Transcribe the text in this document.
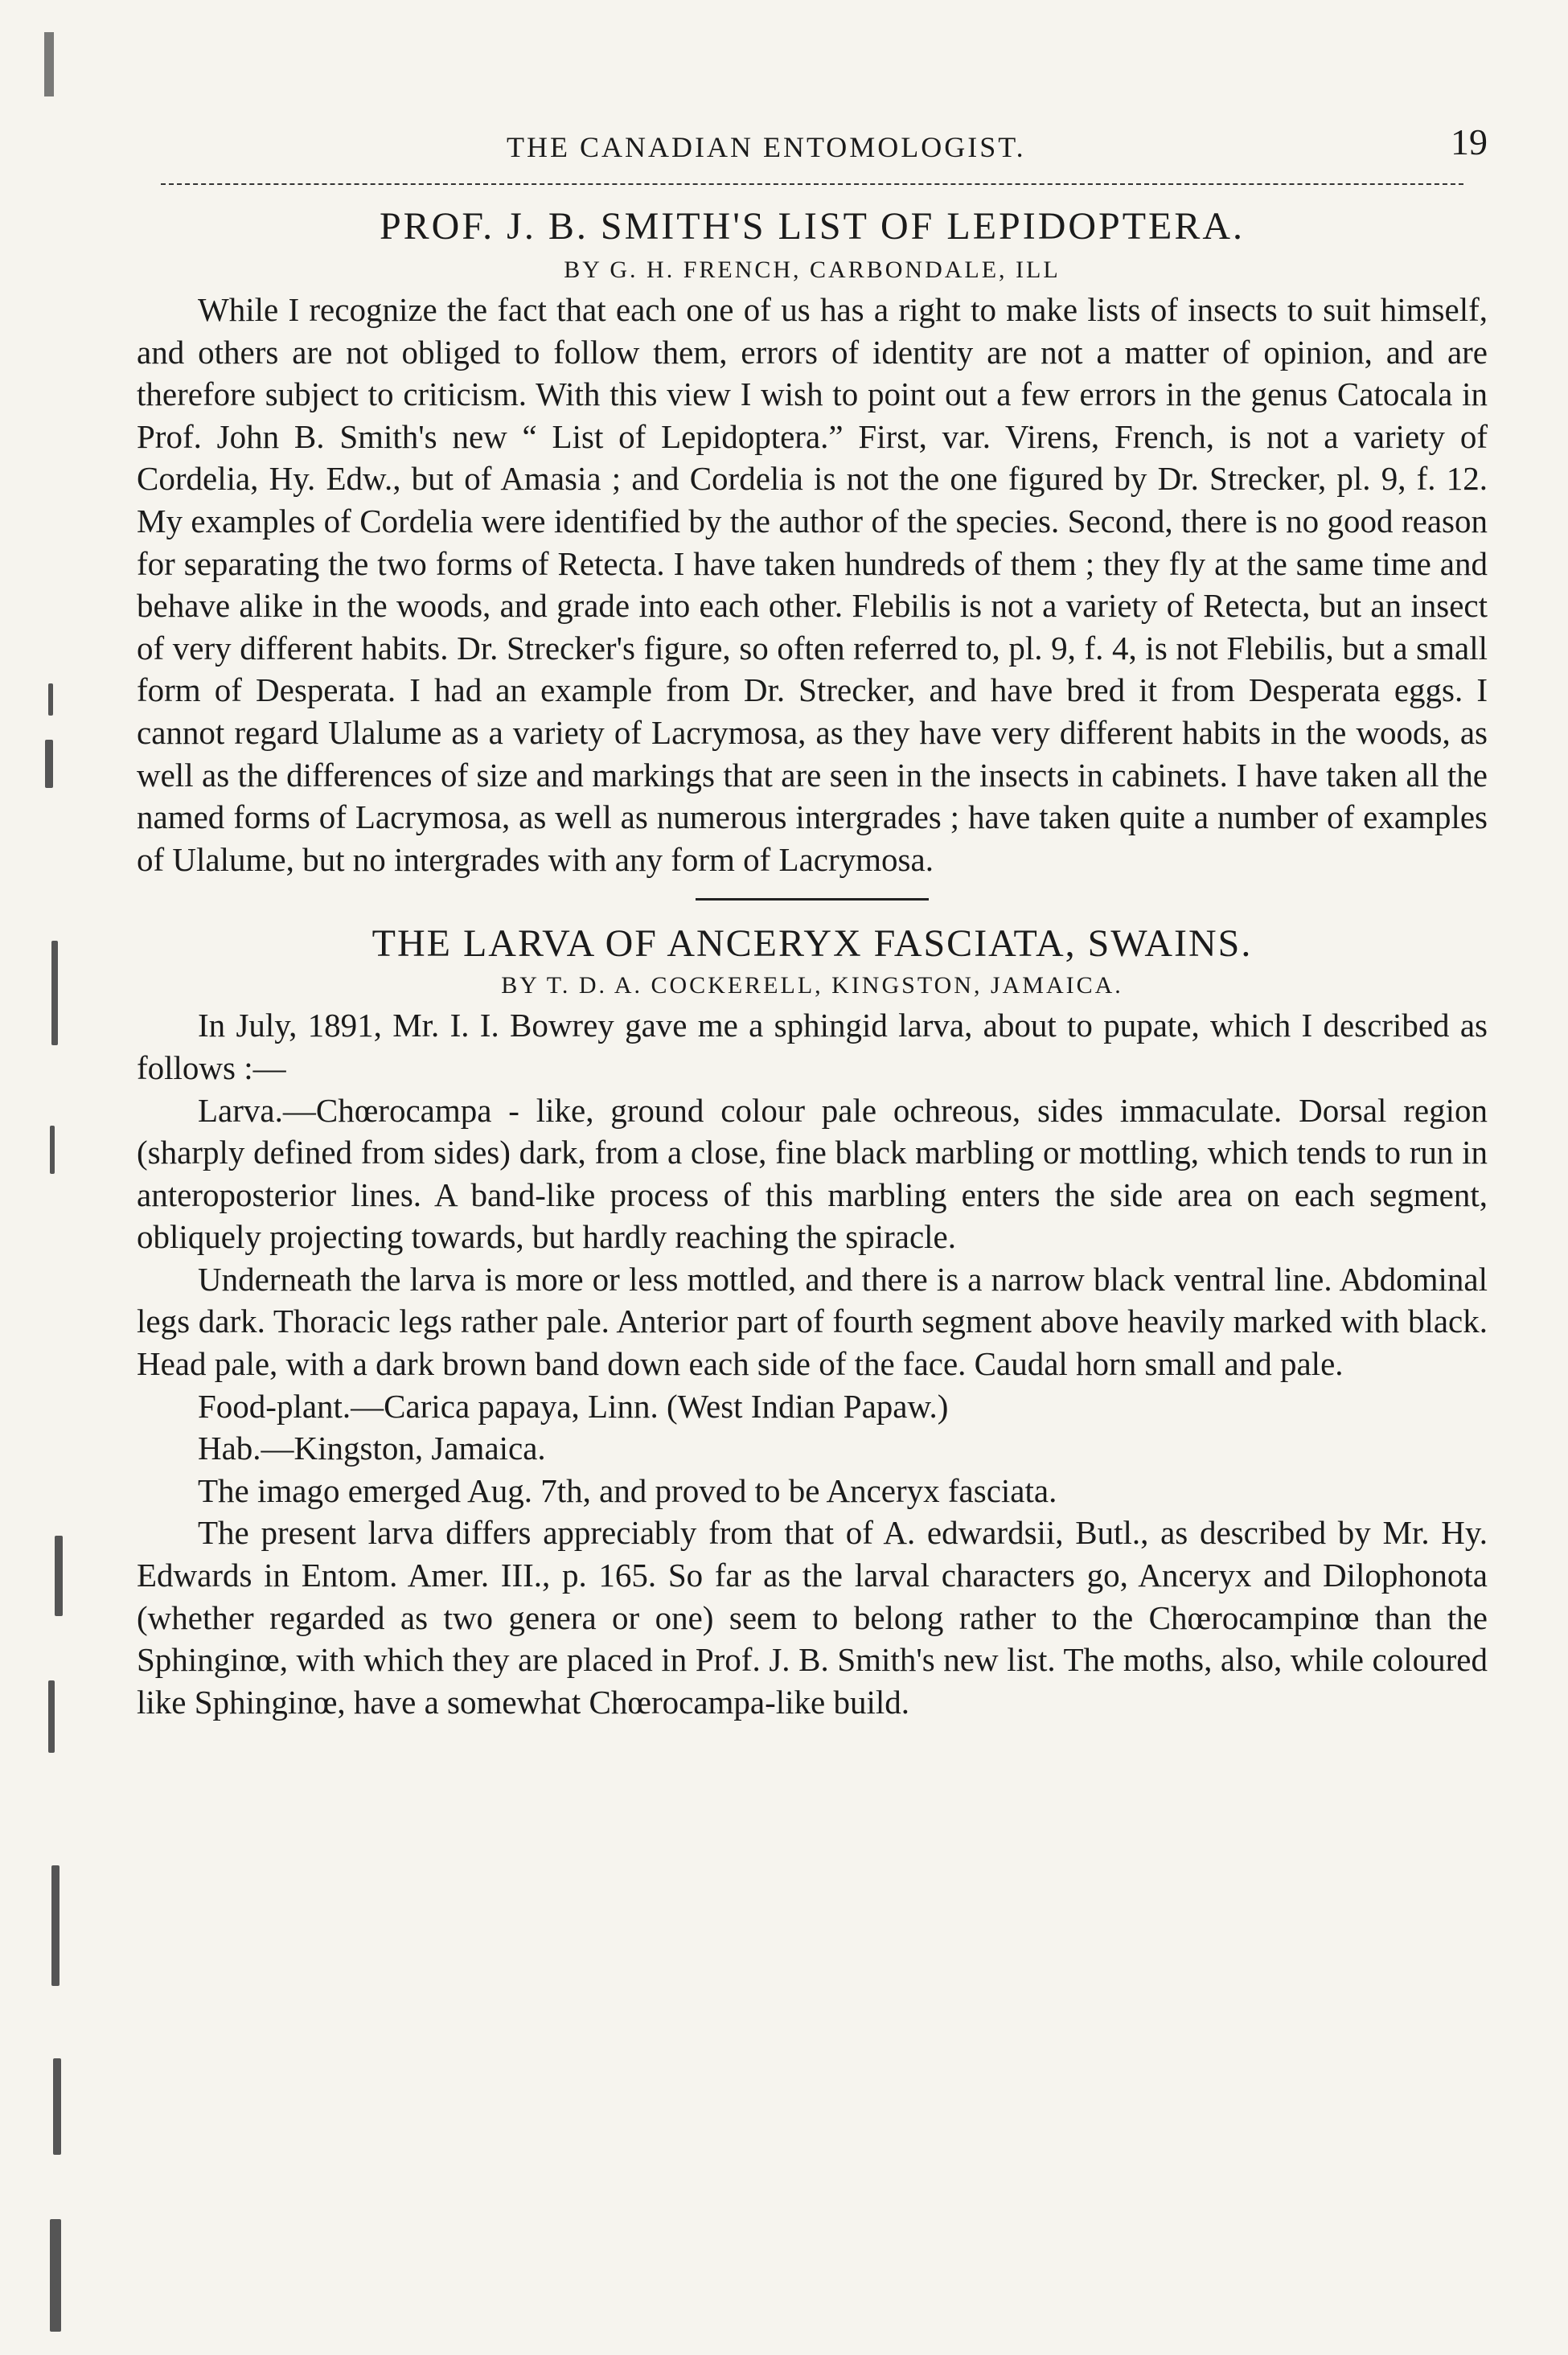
THE CANADIAN ENTOMOLOGIST.	19
PROF. J. B. SMITH'S LIST OF LEPIDOPTERA.
BY G. H. FRENCH, CARBONDALE, ILL

While I recognize the fact that each one of us has a right to make lists of insects to suit himself, and others are not obliged to follow them, errors of identity are not a matter of opinion, and are therefore subject to criticism. With this view I wish to point out a few errors in the genus Catocala in Prof. John B. Smith's new “ List of Lepidoptera.” First, var. Virens, French, is not a variety of Cordelia, Hy. Edw., but of Amasia ; and Cordelia is not the one figured by Dr. Strecker, pl. 9, f. 12. My examples of Cordelia were identified by the author of the species. Second, there is no good reason for separating the two forms of Retecta. I have taken hundreds of them ; they fly at the same time and behave alike in the woods, and grade into each other. Flebilis is not a variety of Retecta, but an insect of very different habits. Dr. Strecker's figure, so often referred to, pl. 9, f. 4, is not Flebilis, but a small form of Desperata. I had an example from Dr. Strecker, and have bred it from Desperata eggs. I cannot regard Ulalume as a variety of Lacrymosa, as they have very different habits in the woods, as well as the differences of size and markings that are seen in the insects in cabinets. I have taken all the named forms of Lacrymosa, as well as numerous intergrades ; have taken quite a number of examples of Ulalume, but no intergrades with any form of Lacrymosa.

THE LARVA OF ANCERYX FASCIATA, SWAINS.
BY T. D. A. COCKERELL, KINGSTON, JAMAICA.

In July, 1891, Mr. I. I. Bowrey gave me a sphingid larva, about to pupate, which I described as follows :—

Larva.—Chœrocampa - like, ground colour pale ochreous, sides immaculate. Dorsal region (sharply defined from sides) dark, from a close, fine black marbling or mottling, which tends to run in anteroposterior lines. A band-like process of this marbling enters the side area on each segment, obliquely projecting towards, but hardly reaching the spiracle.

Underneath the larva is more or less mottled, and there is a narrow black ventral line. Abdominal legs dark. Thoracic legs rather pale. Anterior part of fourth segment above heavily marked with black. Head pale, with a dark brown band down each side of the face. Caudal horn small and pale.

Food-plant.—Carica papaya, Linn. (West Indian Papaw.)

Hab.—Kingston, Jamaica.

The imago emerged Aug. 7th, and proved to be Anceryx fasciata.

The present larva differs appreciably from that of A. edwardsii, Butl., as described by Mr. Hy. Edwards in Entom. Amer. III., p. 165. So far as the larval characters go, Anceryx and Dilophonota (whether regarded as two genera or one) seem to belong rather to the Chœrocampinœ than the Sphinginœ, with which they are placed in Prof. J. B. Smith's new list. The moths, also, while coloured like Sphinginœ, have a somewhat Chœrocampa-like build.
